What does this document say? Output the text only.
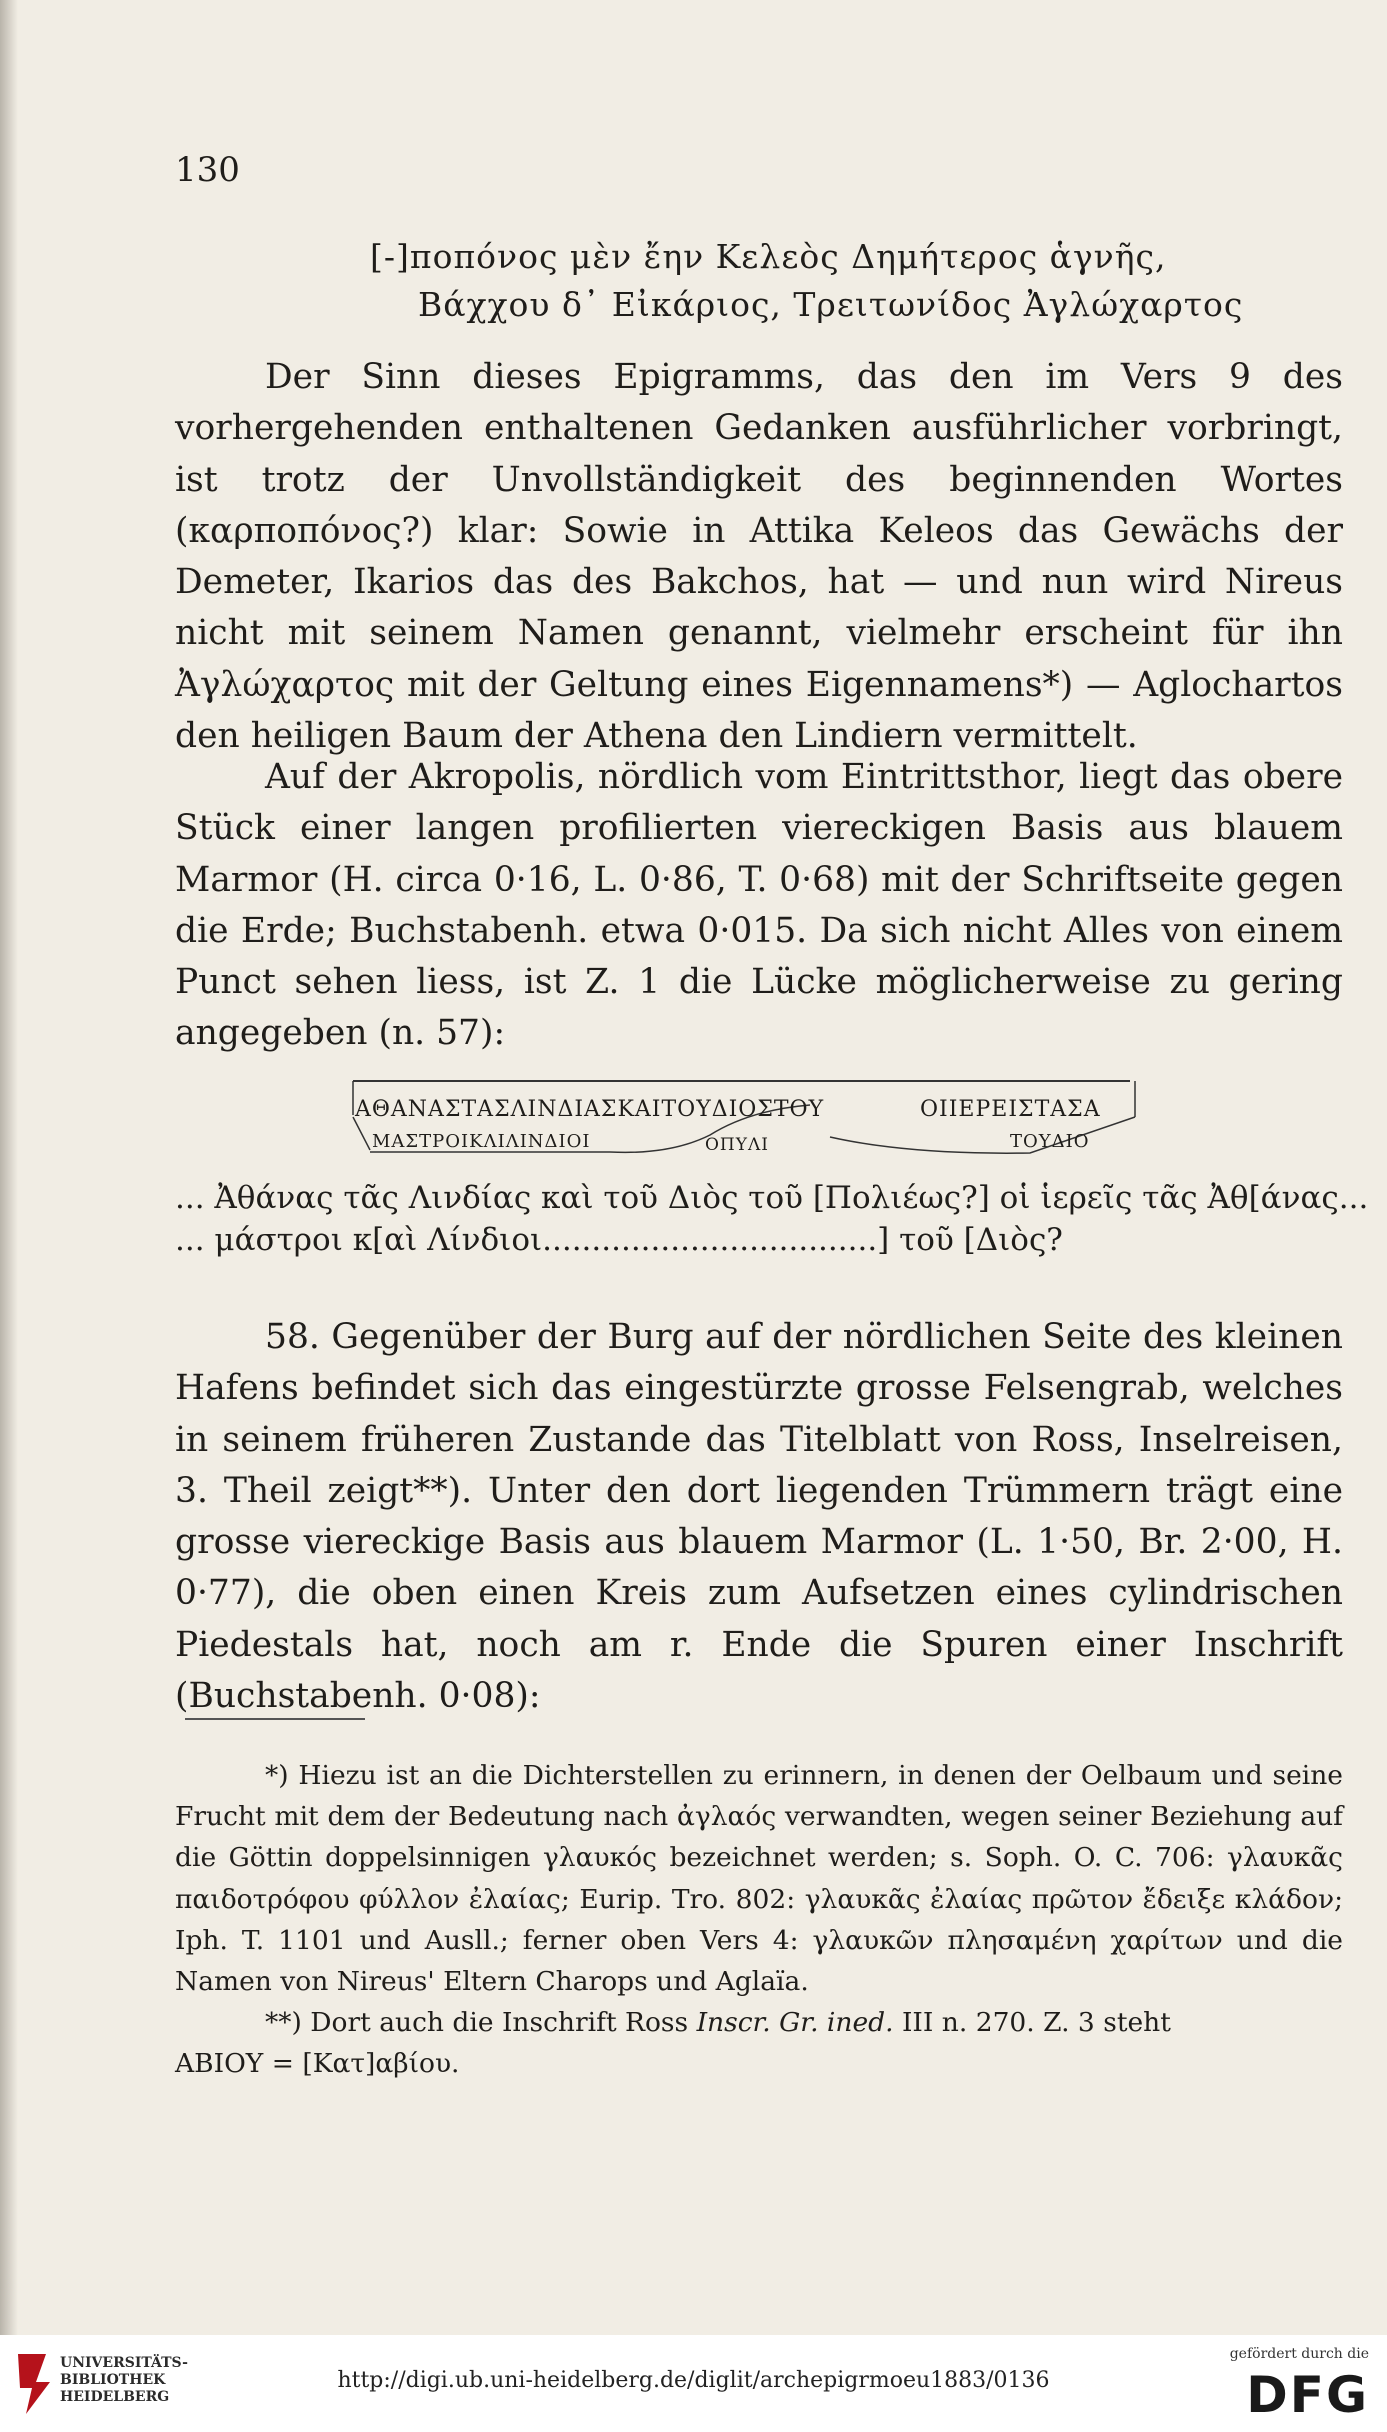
130
[-]ποπόνος μὲν ἔην Κελεὸς Δημήτερος ἁγνῆς,
Βάχχου δ᾽ Εἰκάριος, Τρειτωνίδος Ἀγλώχαρτος
Der Sinn dieses Epigramms, das den im Vers 9 des vorhergehenden enthaltenen Gedanken ausführlicher vorbringt, ist trotz der Unvollständigkeit des beginnenden Wortes (καρποπόνος?) klar: Sowie in Attika Keleos das Gewächs der Demeter, Ikarios das des Bakchos, hat — und nun wird Nireus nicht mit seinem Namen genannt, vielmehr erscheint für ihn Ἀγλώχαρτος mit der Geltung eines Eigennamens*) — Aglochartos den heiligen Baum der Athena den Lindiern vermittelt.
Auf der Akropolis, nördlich vom Eintrittsthor, liegt das obere Stück einer langen profilierten viereckigen Basis aus blauem Marmor (H. circa 0·16, L. 0·86, T. 0·68) mit der Schriftseite gegen die Erde; Buchstabenh. etwa 0·015. Da sich nicht Alles von einem Punct sehen liess, ist Z. 1 die Lücke möglicherweise zu gering angegeben (n. 57):
ΑΘΑΝΑΣΤΑΣΛΙΝΔΙΑΣΚΑΙΤΟΥΔΙΟΣΤΟΥ	ΟΙΙΕΡΕΙΣΤΑΣΑ
ΜΑΣΤΡΟΙΚΛΙΛΙΝΔΙΟΙ	ΟΠΥΛΙ	ΤΟΥΔΙΟ
... Ἀθάνας τᾶς Λινδίας καὶ τοῦ Διὸς τοῦ [Πολιέως?] οἱ ἱερεῖς τᾶς Ἀθ[άνας...
... μάστροι κ[αὶ Λίνδιοι..................................] τοῦ [Διὸς?
58. Gegenüber der Burg auf der nördlichen Seite des kleinen Hafens befindet sich das eingestürzte grosse Felsengrab, welches in seinem früheren Zustande das Titelblatt von Ross, Inselreisen, 3. Theil zeigt**). Unter den dort liegenden Trümmern trägt eine grosse viereckige Basis aus blauem Marmor (L. 1·50, Br. 2·00, H. 0·77), die oben einen Kreis zum Aufsetzen eines cylindrischen Piedestals hat, noch am r. Ende die Spuren einer Inschrift (Buchstabenh. 0·08):

*) Hiezu ist an die Dichterstellen zu erinnern, in denen der Oelbaum und seine Frucht mit dem der Bedeutung nach ἀγλαός verwandten, wegen seiner Beziehung auf die Göttin doppelsinnigen γλαυκός bezeichnet werden; s. Soph. O. C. 706: γλαυκᾶς παιδοτρόφου φύλλον ἐλαίας; Eurip. Tro. 802: γλαυκᾶς ἐλαίας πρῶτον ἔδειξε κλάδον; Iph. T. 1101 und Ausll.; ferner oben Vers 4: γλαυκῶν πλησαμένη χαρίτων und die Namen von Nireus' Eltern Charops und Aglaïa.

**) Dort auch die Inschrift Ross Inscr. Gr. ined. III n. 270. Z. 3 steht

ΑΒΙΟΥ = [Κατ]αβίου.

UNIVERSITÄTS-
BIBLIOTHEK
HEIDELBERG
http://digi.ub.uni-heidelberg.de/diglit/archepigrmoeu1883/0136
gefördert durch die
DFG
